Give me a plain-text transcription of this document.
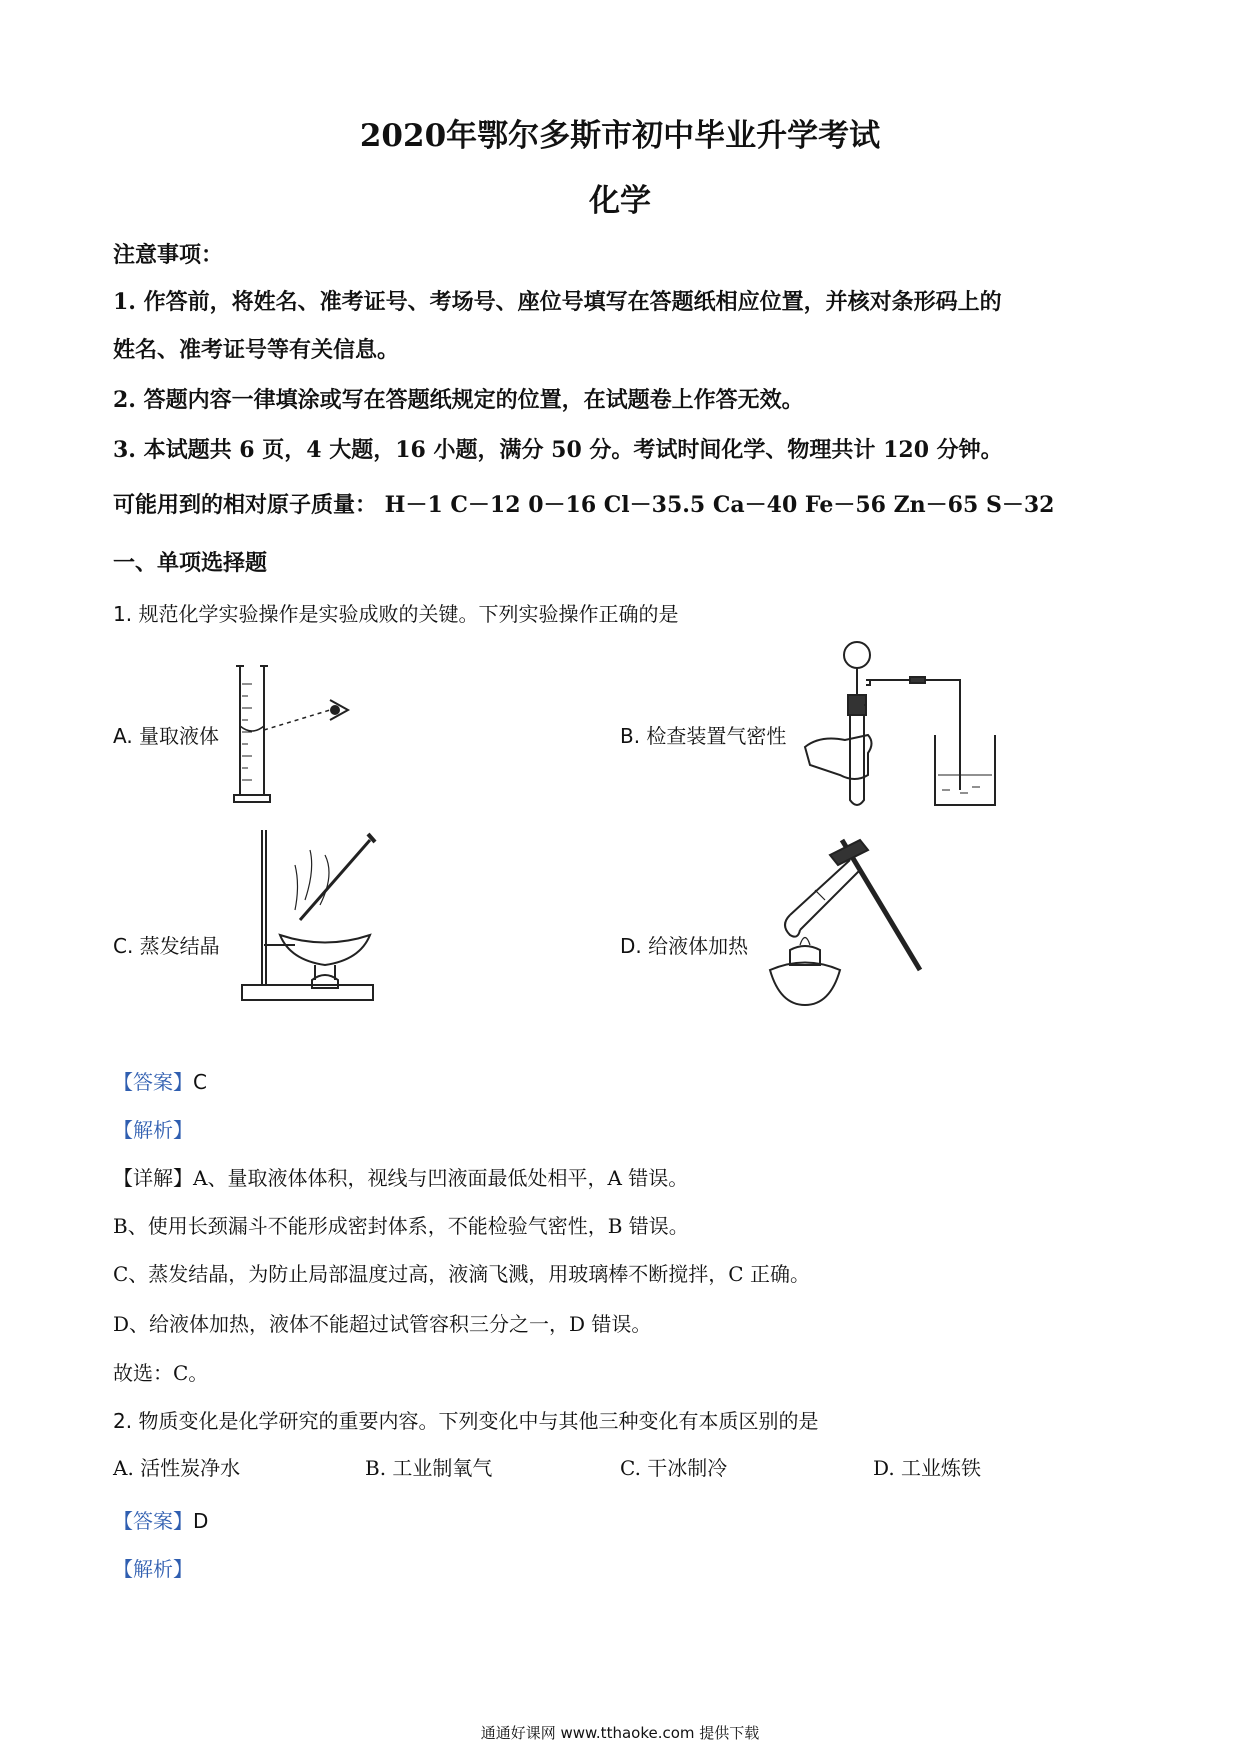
2020年鄂尔多斯市初中毕业升学考试
化学
注意事项：
1. 作答前，将姓名、准考证号、考场号、座位号填写在答题纸相应位置，并核对条形码上的
姓名、准考证号等有关信息。
2. 答题内容一律填涂或写在答题纸规定的位置，在试题卷上作答无效。
3. 本试题共 6 页，4 大题，16 小题，满分 50 分。考试时间化学、物理共计 120 分钟。
可能用到的相对原子质量： H－1 C－12 0－16 Cl－35.5 Ca－40 Fe－56 Zn－65 S－32
一、单项选择题
1. 规范化学实验操作是实验成败的关键。下列实验操作正确的是
A. 量取液体	B. 检查装置气密性
C. 蒸发结晶	D. 给液体加热
【答案】C
【解析】
【详解】A、量取液体体积，视线与凹液面最低处相平，A 错误。
B、使用长颈漏斗不能形成密封体系，不能检验气密性，B 错误。
C、蒸发结晶，为防止局部温度过高，液滴飞溅，用玻璃棒不断搅拌，C 正确。
D、给液体加热，液体不能超过试管容积三分之一，D 错误。
故选：C。
2. 物质变化是化学研究的重要内容。下列变化中与其他三种变化有本质区别的是
A. 活性炭净水	B. 工业制氧气	C. 干冰制冷	D. 工业炼铁
【答案】D
【解析】
通通好课网 www.tthaoke.com 提供下载
